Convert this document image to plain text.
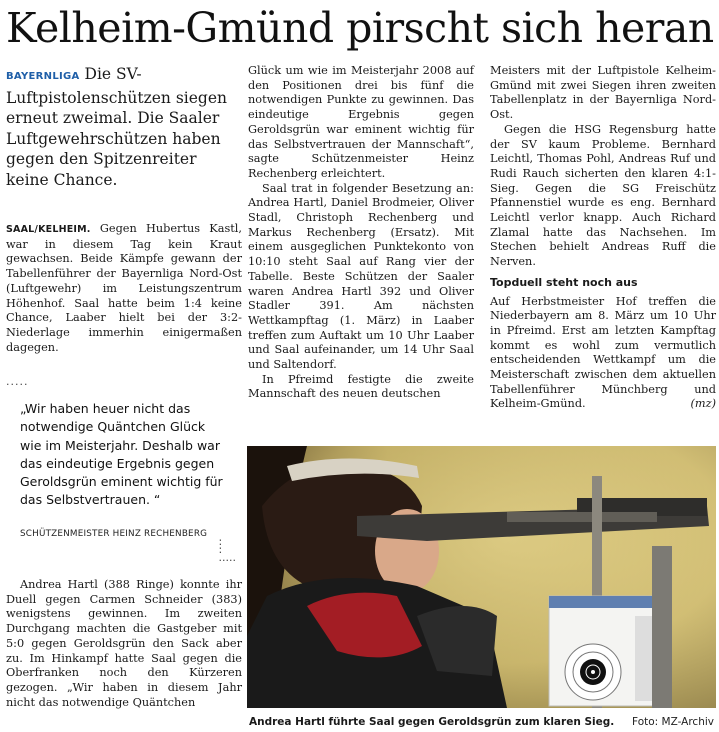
Kelheim-Gmünd pirscht sich heran
BAYERNLIGA Die SV-Luftpistolenschützen siegen erneut zweimal. Die Saaler Luftgewehrschützen haben gegen den Spitzenreiter keine Chance.

SAAL/KELHEIM. Gegen Hubertus Kastl, war in diesem Tag kein Kraut gewachsen. Beide Kämpfe gewann der Tabellenführer der Bayernliga Nord-Ost (Luftgewehr) im Leistungszentrum Höhenhof. Saal hatte beim 1:4 keine Chance, Laaber hielt bei der 3:2-Niederlage immerhin einigermaßen dagegen.

.....
„Wir haben heuer nicht das notwendige Quäntchen Glück wie im Meisterjahr. Deshalb war das eindeutige Ergebnis gegen Geroldsgrün eminent wichtig für das Selbstvertrauen. “
SCHÜTZENMEISTER HEINZ RECHENBERG
:
:
.....

Andrea Hartl (388 Ringe) konnte ihr Duell gegen Carmen Schneider (383) wenigstens gewinnen. Im zweiten Durchgang machten die Gastgeber mit 5:0 gegen Geroldsgrün den Sack aber zu. Im Hinkampf hatte Saal gegen die Oberfranken noch den Kürzeren gezogen. „Wir haben in diesem Jahr nicht das notwendige Quäntchen

Glück um wie im Meisterjahr 2008 auf den Positionen drei bis fünf die notwendigen Punkte zu gewinnen. Das eindeutige Ergebnis gegen Geroldsgrün war eminent wichtig für das Selbstvertrauen der Mannschaft“, sagte Schützenmeister Heinz Rechenberg erleichtert.

Saal trat in folgender Besetzung an: Andrea Hartl, Daniel Brodmeier, Oliver Stadl, Christoph Rechenberg und Markus Rechenberg (Ersatz). Mit einem ausgeglichen Punktekonto von 10:10 steht Saal auf Rang vier der Tabelle. Beste Schützen der Saaler waren Andrea Hartl 392 und Oliver Stadler 391. Am nächsten Wettkampftag (1. März) in Laaber treffen zum Auftakt um 10 Uhr Laaber und Saal aufeinander, um 14 Uhr Saal und Saltendorf.

In Pfreimd festigte die zweite Mannschaft des neuen deutschen

Meisters mit der Luftpistole Kelheim-Gmünd mit zwei Siegen ihren zweiten Tabellenplatz in der Bayernliga Nord-Ost.

Gegen die HSG Regensburg hatte der SV kaum Probleme. Bernhard Leichtl, Thomas Pohl, Andreas Ruf und Rudi Rauch sicherten den klaren 4:1-Sieg. Gegen die SG Freischütz Pfannenstiel wurde es eng. Bernhard Leichtl verlor knapp. Auch Richard Zlamal hatte das Nachsehen. Im Stechen behielt Andreas Ruff die Nerven.

Topduell steht noch aus

Auf Herbstmeister Hof treffen die Niederbayern am 8. März um 10 Uhr in Pfreimd. Erst am letzten Kampftag kommt es wohl zum vermutlich entscheidenden Wettkampf um die Meisterschaft zwischen dem aktuellen Tabellenführer Münchberg und Kelheim-Gmünd.	(mz)

Andrea Hartl führte Saal gegen Geroldsgrün zum klaren Sieg. Foto: MZ-Archiv
